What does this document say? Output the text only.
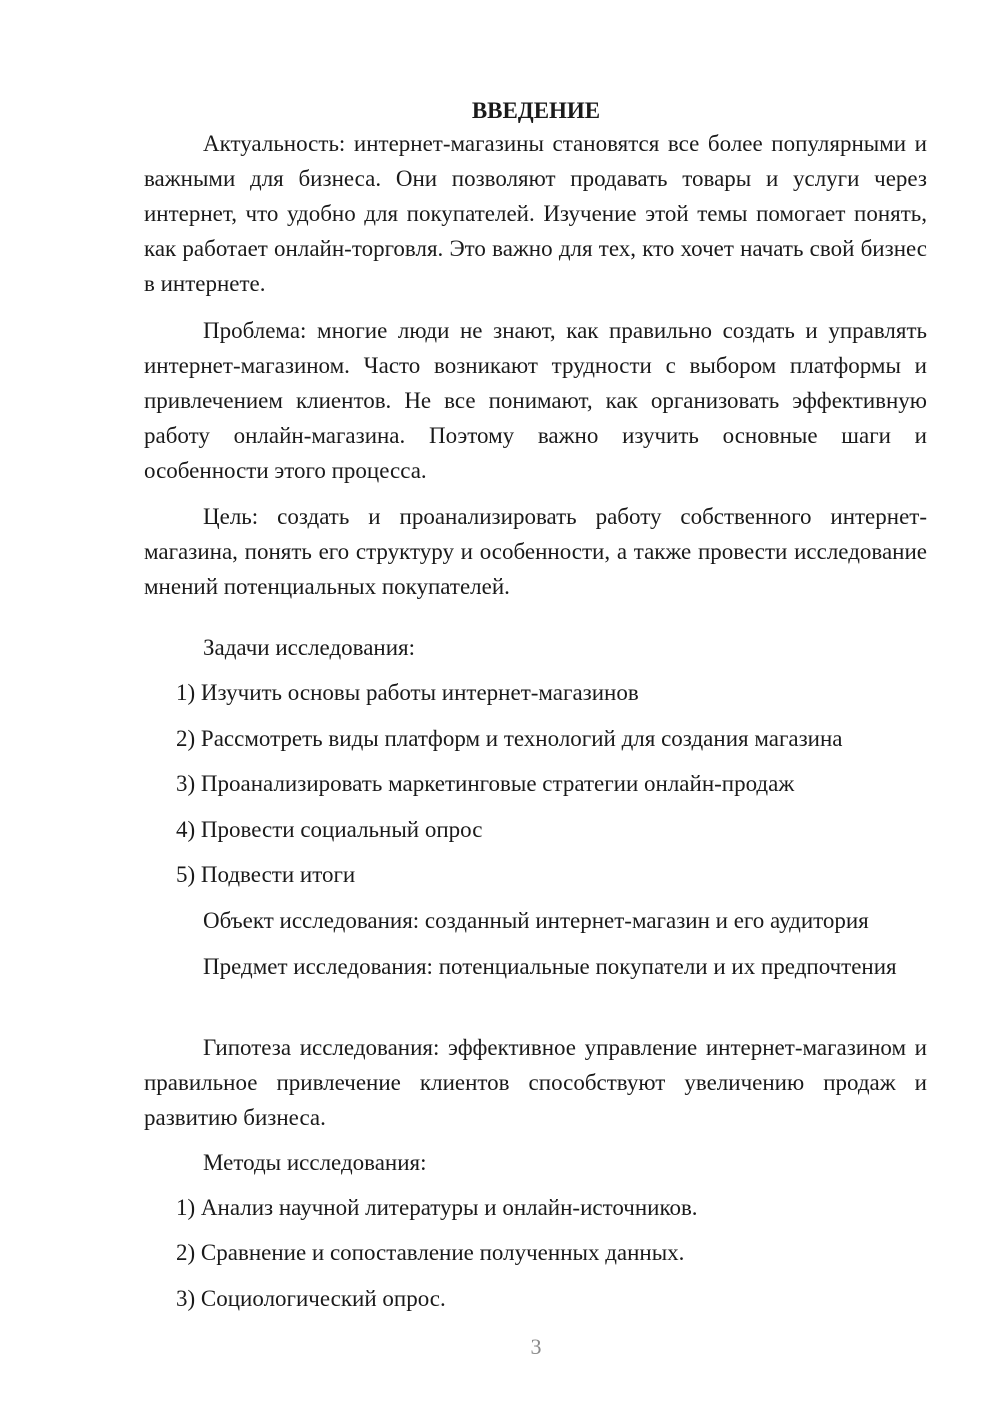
ВВЕДЕНИЕ

Актуальность: интернет-магазины становятся все более популярными и важными для бизнеса. Они позволяют продавать товары и услуги через интернет, что удобно для покупателей. Изучение этой темы помогает понять, как работает онлайн-торговля. Это важно для тех, кто хочет начать свой бизнес в интернете.

Проблема: многие люди не знают, как правильно создать и управлять интернет-магазином. Часто возникают трудности с выбором платформы и привлечением клиентов. Не все понимают, как организовать эффективную работу онлайн-магазина. Поэтому важно изучить основные шаги и особенности этого процесса.

Цель: создать и проанализировать работу собственного интернет-магазина, понять его структуру и особенности, а также провести исследование мнений потенциальных покупателей.

Задачи исследования:
1) Изучить основы работы интернет-магазинов
2) Рассмотреть виды платформ и технологий для создания магазина
3) Проанализировать маркетинговые стратегии онлайн-продаж
4) Провести социальный опрос
5) Подвести итоги
Объект исследования: созданный интернет-магазин и его аудитория

Предмет исследования: потенциальные покупатели и их предпочтения

Гипотеза исследования: эффективное управление интернет-магазином и правильное привлечение клиентов способствуют увеличению продаж и развитию бизнеса.

Методы исследования:
1) Анализ научной литературы и онлайн-источников.
2) Сравнение и сопоставление полученных данных.
3) Социологический опрос.
3
